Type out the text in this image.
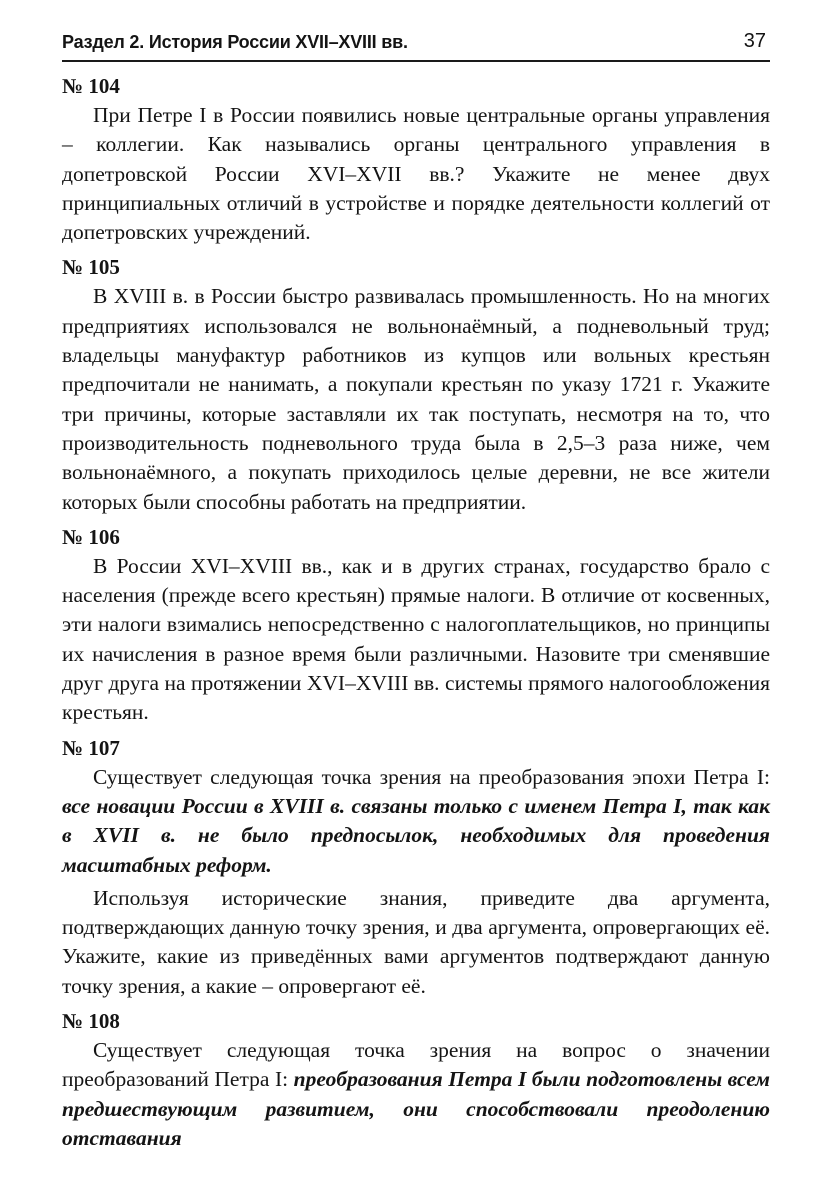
Раздел 2. История России XVII–XVIII вв.	37

№ 104

При Петре I в России появились новые центральные органы управления – коллегии. Как назывались органы центрального управления в допетровской России XVI–XVII вв.? Укажите не менее двух принципиальных отличий в устройстве и порядке деятельности коллегий от допетровских учреждений.

№ 105

В XVIII в. в России быстро развивалась промышленность. Но на многих предприятиях использовался не вольнонаёмный, а подневольный труд; владельцы мануфактур работников из купцов или вольных крестьян предпочитали не нанимать, а покупали крестьян по указу 1721 г. Укажите три причины, которые заставляли их так поступать, несмотря на то, что производительность подневольного труда была в 2,5–3 раза ниже, чем вольнонаёмного, а покупать приходилось целые деревни, не все жители которых были способны работать на предприятии.

№ 106

В России XVI–XVIII вв., как и в других странах, государство брало с населения (прежде всего крестьян) прямые налоги. В отличие от косвенных, эти налоги взимались непосредственно с налогоплательщиков, но принципы их начисления в разное время были различными. Назовите три сменявшие друг друга на протяжении XVI–XVIII вв. системы прямого налогообложения крестьян.

№ 107

Существует следующая точка зрения на преобразования эпохи Петра I: все новации России в XVIII в. связаны только с именем Петра I, так как в XVII в. не было предпосылок, необходимых для проведения масштабных реформ.

Используя исторические знания, приведите два аргумента, подтверждающих данную точку зрения, и два аргумента, опровергающих её. Укажите, какие из приведённых вами аргументов подтверждают данную точку зрения, а какие – опровергают её.

№ 108

Существует следующая точка зрения на вопрос о значении преобразований Петра I: преобразования Петра I были подготовлены всем предшествующим развитием, они способствовали преодолению отставания
